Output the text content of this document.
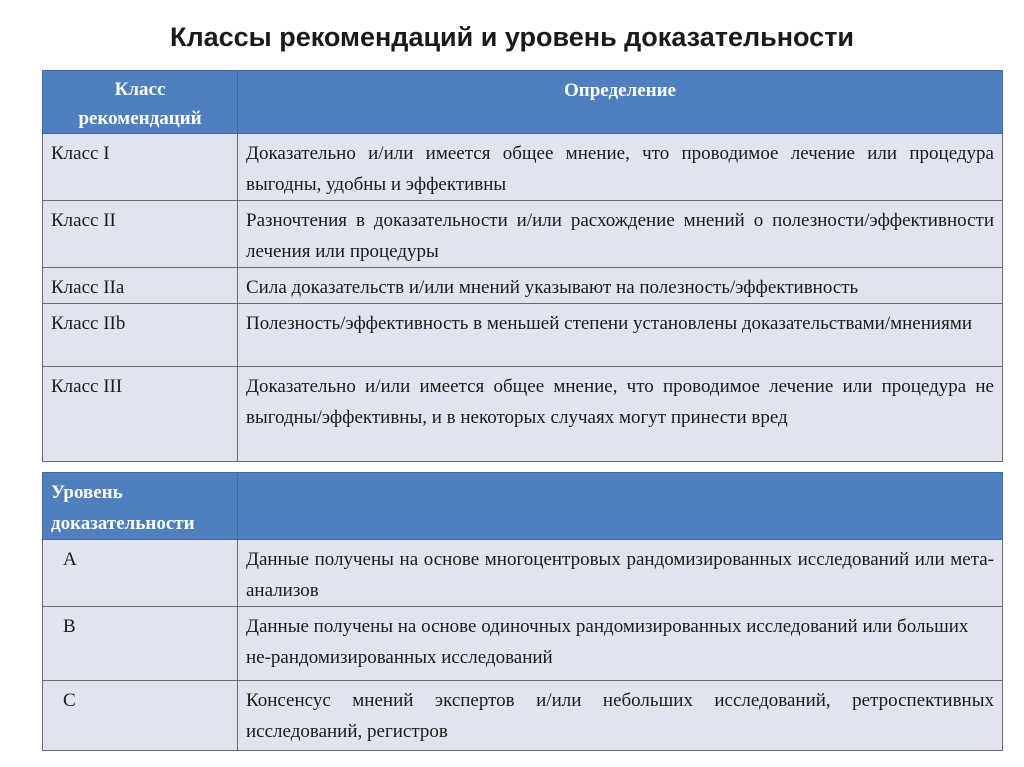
Классы рекомендаций и уровень доказательности
Класс рекомендаций	Определение
Класс I	Доказательно и/или имеется общее мнение, что проводимое лечение или процедура выгодны, удобны и эффективны
Класс II	Разночтения в доказательности и/или расхождение мнений о полезности/эффективности лечения или процедуры
Класс IIa	Сила доказательств и/или мнений указывают на полезность/эффективность
Класс IIb	Полезность/эффективность в меньшей степени установлены доказательствами/мнениями
Класс III	Доказательно и/или имеется общее мнение, что проводимое лечение или процедура не выгодны/эффективны, и в некоторых случаях могут принести вред
Уровень доказательности	
A	Данные получены на основе многоцентровых рандомизированных исследований или мета-анализов
B	Данные получены на основе одиночных рандомизированных исследований или больших не-рандомизированных исследований
C	Консенсус мнений экспертов и/или небольших исследований, ретроспективных исследований, регистров
